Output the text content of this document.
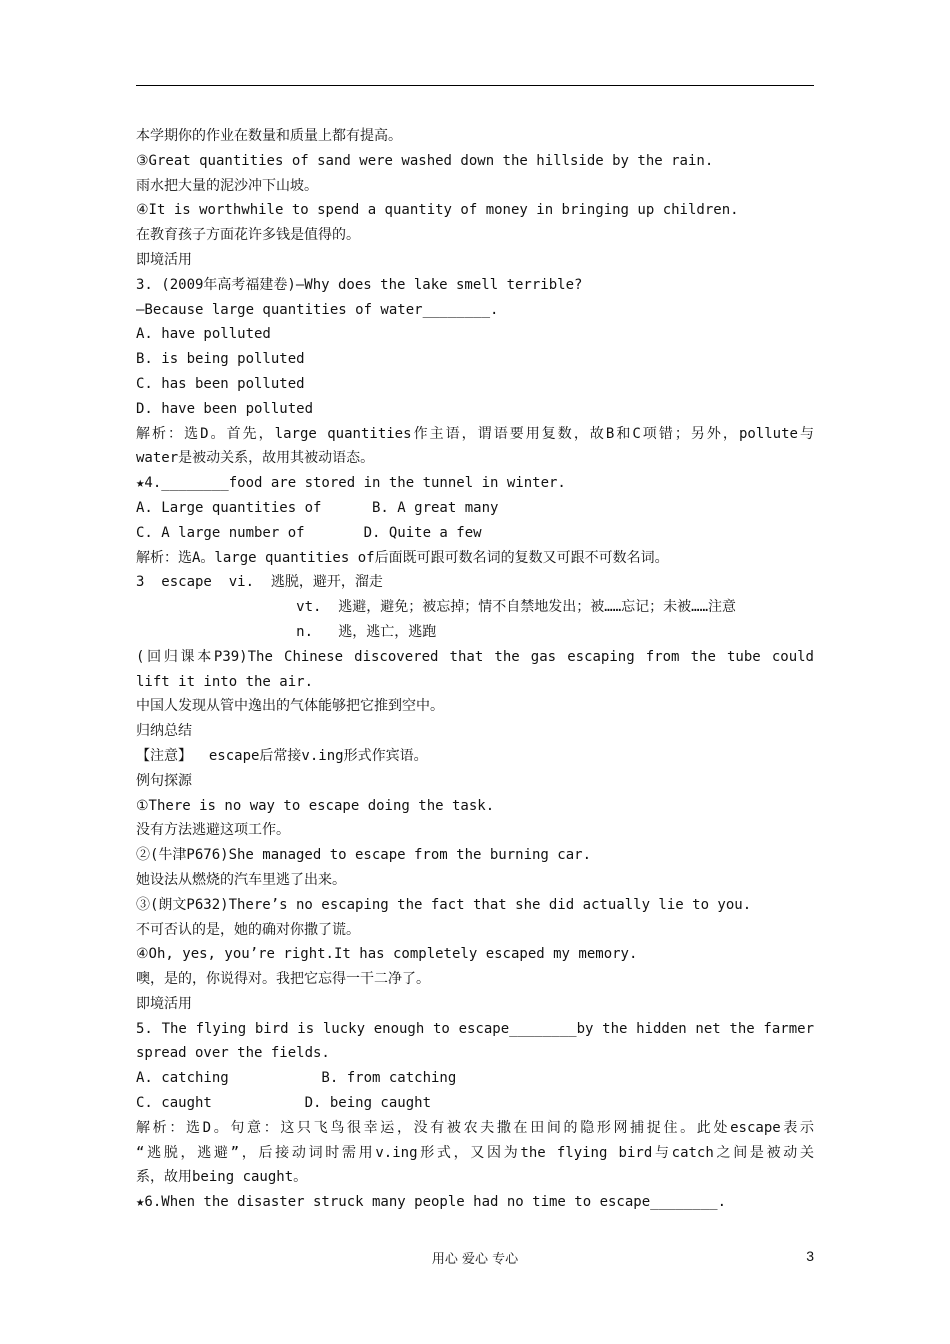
本学期你的作业在数量和质量上都有提高。
③Great quantities of sand were washed down the hillside by the rain.
雨水把大量的泥沙冲下山坡。
④It is worthwhile to spend a quantity of money in bringing up children.
在教育孩子方面花许多钱是值得的。
即境活用
3. (2009年高考福建卷)—Why does the lake smell terrible?
—Because large quantities of water________.
A. have polluted
B. is being polluted
C. has been polluted
D. have been polluted
解析：选D。首先，large quantities作主语，谓语要用复数，故B和C项错；另外，pollute与
water是被动关系，故用其被动语态。
★4.________food are stored in the tunnel in winter.
A. Large quantities of      B. A great many
C. A large number of       D. Quite a few
解析：选A。large quantities of后面既可跟可数名词的复数又可跟不可数名词。
3  escape  vi.  逃脱，避开，溜走
vt.  逃避，避免；被忘掉；情不自禁地发出；被……忘记；未被……注意
n.   逃，逃亡，逃跑
(回归课本P39)The Chinese discovered that the gas escaping from the tube could
lift it into the air.
中国人发现从管中逸出的气体能够把它推到空中。
归纳总结
【注意】  escape后常接v.ing形式作宾语。
例句探源
①There is no way to escape doing the task.
没有方法逃避这项工作。
②(牛津P676)She managed to escape from the burning car.
她设法从燃烧的汽车里逃了出来。
③(朗文P632)There’s no escaping the fact that she did actually lie to you.
不可否认的是，她的确对你撒了谎。
④Oh, yes, you’re right.It has completely escaped my memory.
噢，是的，你说得对。我把它忘得一干二净了。
即境活用
5. The flying bird is lucky enough to escape________by the hidden net the farmer
spread over the fields.
A. catching           B. from catching
C. caught           D. being caught
解析：选D。句意：这只飞鸟很幸运，没有被农夫撒在田间的隐形网捕捉住。此处escape表示
“逃脱，逃避”，后接动词时需用v.ing形式，又因为the flying bird与catch之间是被动关
系，故用being caught。
★6.When the disaster struck many people had no time to escape________.
用心 爱心 专心	3
